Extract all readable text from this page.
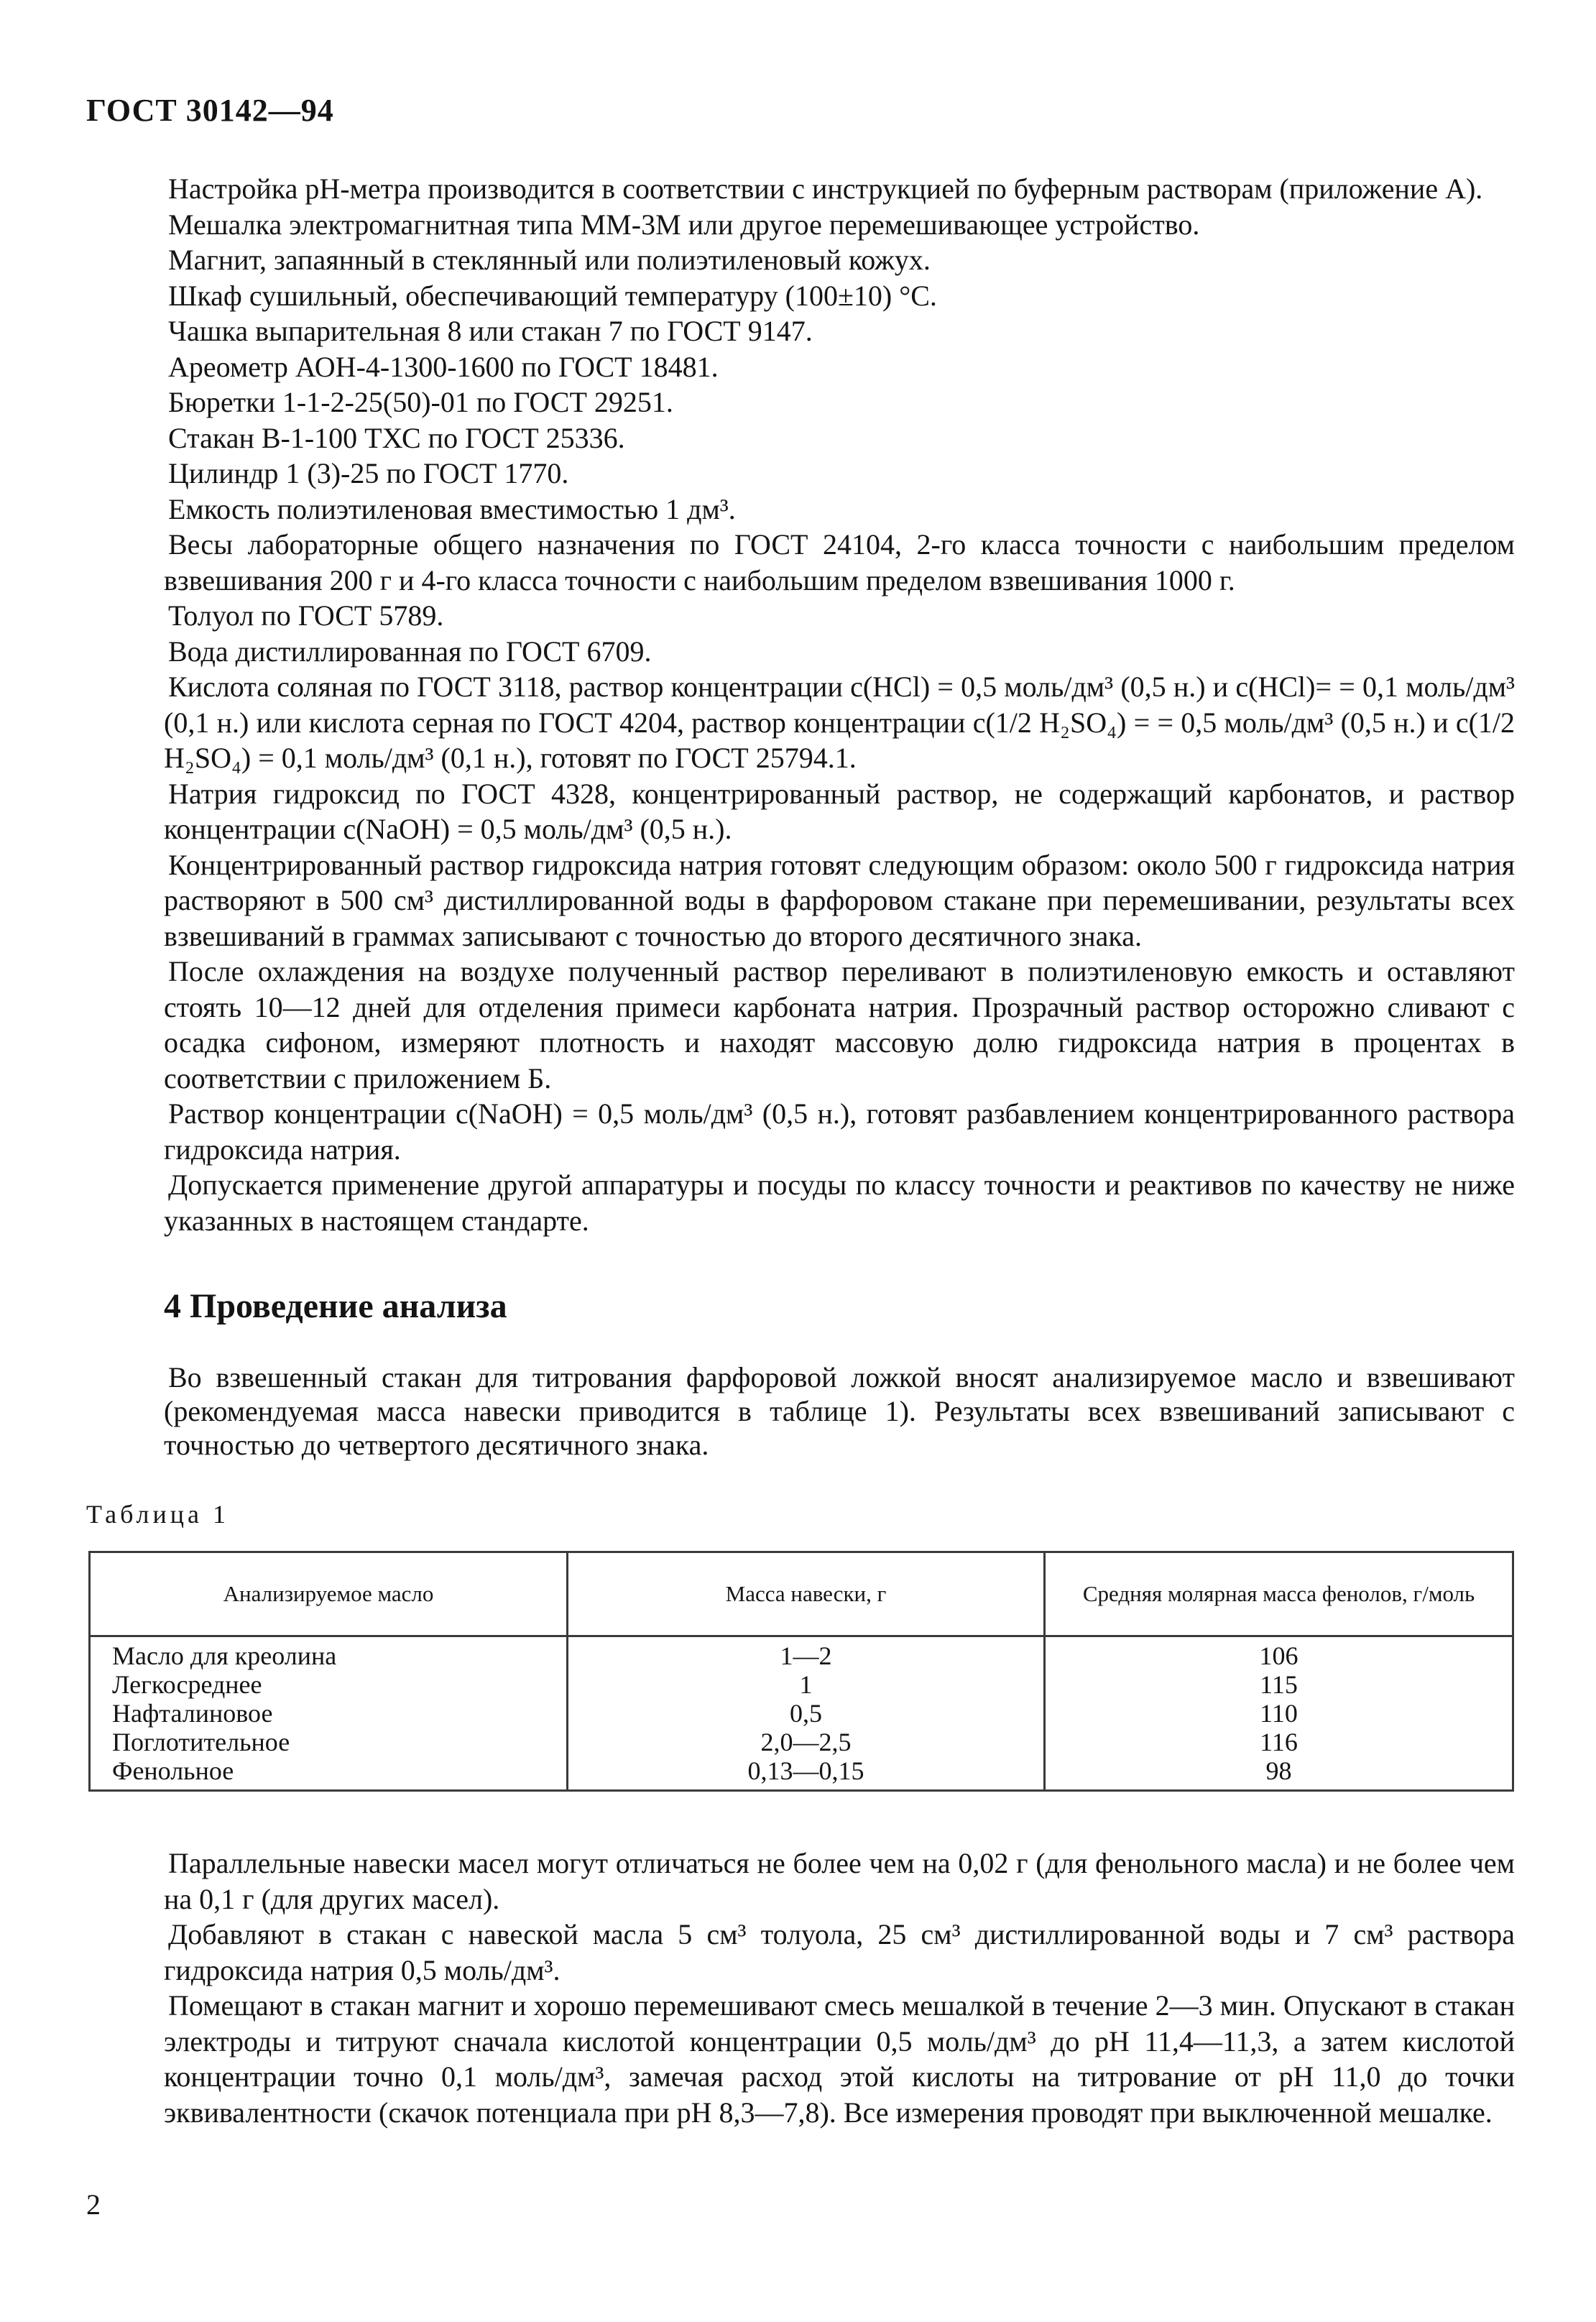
ГОСТ 30142—94

Настройка pH-метра производится в соответствии с инструкцией по буферным растворам (приложение А).

Мешалка электромагнитная типа ММ-3М или другое перемешивающее устройство.

Магнит, запаянный в стеклянный или полиэтиленовый кожух.

Шкаф сушильный, обеспечивающий температуру (100±10) °С.

Чашка выпарительная 8 или стакан 7 по ГОСТ 9147.

Ареометр АОН-4-1300-1600 по ГОСТ 18481.

Бюретки 1-1-2-25(50)-01 по ГОСТ 29251.

Стакан В-1-100 ТХС по ГОСТ 25336.

Цилиндр 1 (3)-25 по ГОСТ 1770.

Емкость полиэтиленовая вместимостью 1 дм³.

Весы лабораторные общего назначения по ГОСТ 24104, 2-го класса точности с наибольшим пределом взвешивания 200 г и 4-го класса точности с наибольшим пределом взвешивания 1000 г.

Толуол по ГОСТ 5789.

Вода дистиллированная по ГОСТ 6709.

Кислота соляная по ГОСТ 3118, раствор концентрации c(HCl) = 0,5 моль/дм³ (0,5 н.) и c(HCl)= = 0,1 моль/дм³ (0,1 н.) или кислота серная по ГОСТ 4204, раствор концентрации c(1/2 H₂SO₄) = = 0,5 моль/дм³ (0,5 н.) и c(1/2 H₂SO₄) = 0,1 моль/дм³ (0,1 н.), готовят по ГОСТ 25794.1.

Натрия гидроксид по ГОСТ 4328, концентрированный раствор, не содержащий карбонатов, и раствор концентрации c(NaOH) = 0,5 моль/дм³ (0,5 н.).

Концентрированный раствор гидроксида натрия готовят следующим образом: около 500 г гидроксида натрия растворяют в 500 см³ дистиллированной воды в фарфоровом стакане при перемешивании, результаты всех взвешиваний в граммах записывают с точностью до второго десятичного знака.

После охлаждения на воздухе полученный раствор переливают в полиэтиленовую емкость и оставляют стоять 10—12 дней для отделения примеси карбоната натрия. Прозрачный раствор осторожно сливают с осадка сифоном, измеряют плотность и находят массовую долю гидроксида натрия в процентах в соответствии с приложением Б.

Раствор концентрации c(NaOH) = 0,5 моль/дм³ (0,5 н.), готовят разбавлением концентрированного раствора гидроксида натрия.

Допускается применение другой аппаратуры и посуды по классу точности и реактивов по качеству не ниже указанных в настоящем стандарте.

4 Проведение анализа

Во взвешенный стакан для титрования фарфоровой ложкой вносят анализируемое масло и взвешивают (рекомендуемая масса навески приводится в таблице 1). Результаты всех взвешиваний записывают с точностью до четвертого десятичного знака.

Таблица 1
Анализируемое масло	Масса навески, г	Средняя молярная масса фенолов, г/моль
Масло для креолина	1—2	106
Легкосреднее	1	115
Нафталиновое	0,5	110
Поглотительное	2,0—2,5	116
Фенольное	0,13—0,15	98

Параллельные навески масел могут отличаться не более чем на 0,02 г (для фенольного масла) и не более чем на 0,1 г (для других масел).

Добавляют в стакан с навеской масла 5 см³ толуола, 25 см³ дистиллированной воды и 7 см³ раствора гидроксида натрия 0,5 моль/дм³.

Помещают в стакан магнит и хорошо перемешивают смесь мешалкой в течение 2—3 мин. Опускают в стакан электроды и титруют сначала кислотой концентрации 0,5 моль/дм³ до pH 11,4—11,3, а затем кислотой концентрации точно 0,1 моль/дм³, замечая расход этой кислоты на титрование от pH 11,0 до точки эквивалентности (скачок потенциала при pH 8,3—7,8). Все измерения проводят при выключенной мешалке.

2
